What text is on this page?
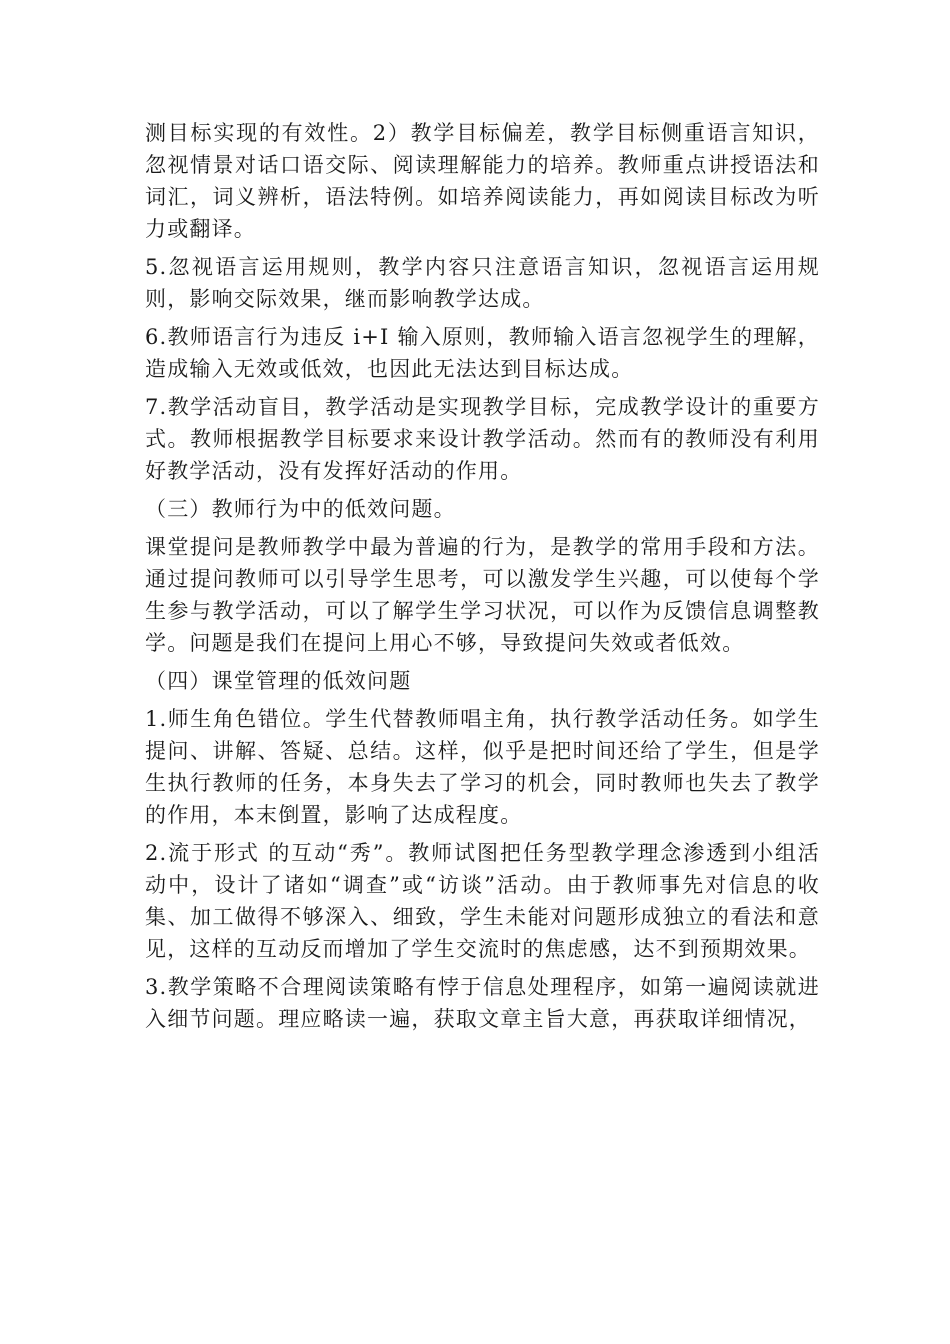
测目标实现的有效性。2）教学目标偏差，教学目标侧重语言知识，忽视情景对话口语交际、阅读理解能力的培养。教师重点讲授语法和词汇，词义辨析，语法特例。如培养阅读能力，再如阅读目标改为听力或翻译。

5.忽视语言运用规则，教学内容只注意语言知识，忽视语言运用规则，影响交际效果，继而影响教学达成。

6.教师语言行为违反 i+I 输入原则，教师输入语言忽视学生的理解，造成输入无效或低效，也因此无法达到目标达成。

7.教学活动盲目，教学活动是实现教学目标，完成教学设计的重要方式。教师根据教学目标要求来设计教学活动。然而有的教师没有利用好教学活动，没有发挥好活动的作用。

（三）教师行为中的低效问题。

课堂提问是教师教学中最为普遍的行为，是教学的常用手段和方法。通过提问教师可以引导学生思考，可以激发学生兴趣，可以使每个学生参与教学活动，可以了解学生学习状况，可以作为反馈信息调整教学。问题是我们在提问上用心不够，导致提问失效或者低效。

（四）课堂管理的低效问题

1.师生角色错位。学生代替教师唱主角，执行教学活动任务。如学生提问、讲解、答疑、总结。这样，似乎是把时间还给了学生，但是学生执行教师的任务，本身失去了学习的机会，同时教师也失去了教学的作用，本末倒置，影响了达成程度。

2.流于形式 的互动“秀”。教师试图把任务型教学理念渗透到小组活动中，设计了诸如“调查”或“访谈”活动。由于教师事先对信息的收集、加工做得不够深入、细致，学生未能对问题形成独立的看法和意见，这样的互动反而增加了学生交流时的焦虑感，达不到预期效果。

3.教学策略不合理阅读策略有悖于信息处理程序，如第一遍阅读就进入细节问题。理应略读一遍，获取文章主旨大意，再获取详细情况，
